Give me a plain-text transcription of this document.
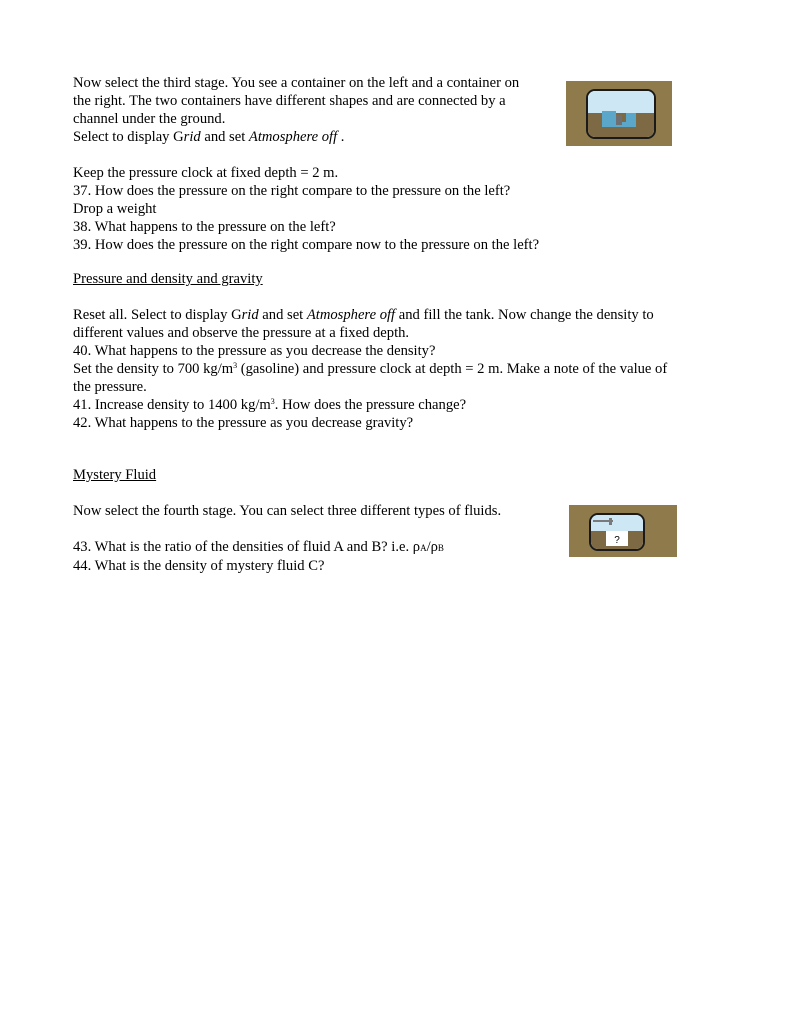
Now select the third stage. You see a container on the left and a container on

the right. The two containers have different shapes and are connected by a

channel under the ground.

Select to display Grid and set Atmosphere off .

Keep the pressure clock at fixed depth = 2 m.

37. How does the pressure on the right compare to the pressure on the left?

Drop a weight

38. What happens to the pressure on the left?

39. How does the pressure on the right compare now to the pressure on the left?

Pressure and density and gravity

Reset all. Select to display Grid and set Atmosphere off and fill the tank. Now change the density to

different values and observe the pressure at a fixed depth.

40. What happens to the pressure as you decrease the density?

Set the density to 700 $kg/m^3$ (gasoline) and pressure clock at depth = 2 m. Make a note of the value of

the pressure.

41. Increase density to 1400 $kg/m^3$. How does the pressure change?

42. What happens to the pressure as you decrease gravity?

Mystery Fluid

Now select the fourth stage. You can select three different types of fluids.

43. What is the ratio of the densities of fluid A and B? i.e. ρA/ρB

44. What is the density of mystery fluid C?

?
